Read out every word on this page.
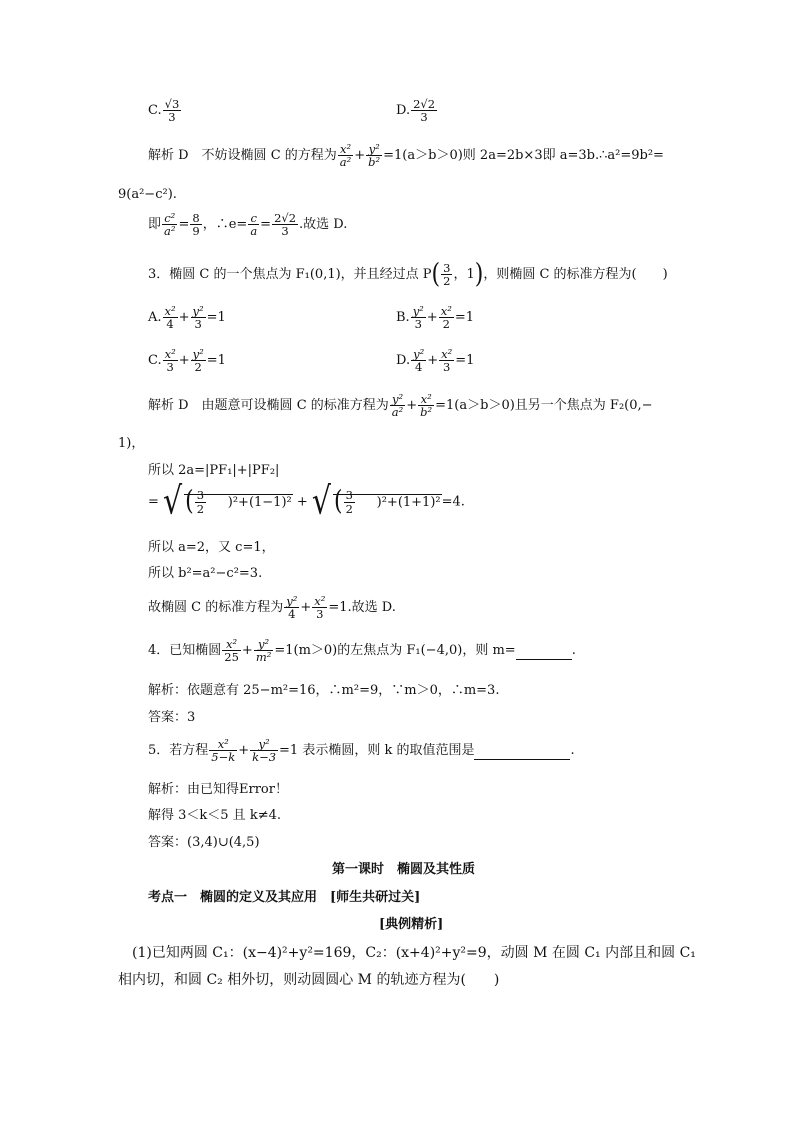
C. $\frac{√3}{3}$	D. $\frac{2√2}{3}$
解析 D　不妨设椭圆 C 的方程为 $\frac{\text{x²}}{\text{a²}} + \frac{\text{y²}}{\text{b²}} =1(a>b>0)$则 2a=2b×3即 a=3b.∴a²=9b²=
9(a²−c²).
即 $\frac{\text{c²}}{\text{a²}} = \frac{8}{9}$ ，∴e= $\frac{c}{a} = \frac{2√2}{3}$ .故选 D.
3．椭圆 C 的一个焦点为 F₁(0,1)，并且经过点 $P( \frac{3}{2}$ ，1)，则椭圆 C 的标准方程为(　　)
A. $\frac{\text{x²}}{4} + \frac{\text{y²}}{3} =1$	B. $\frac{\text{y²}}{3} + \frac{\text{x²}}{2} =1$
C. $\frac{\text{x²}}{3} + \frac{\text{y²}}{2} =1$	D. $\frac{\text{y²}}{4} + \frac{\text{x²}}{3} =1$
解析 D　由题意可设椭圆 C 的标准方程为 $\frac{\text{y²}}{\text{a²}} + \frac{\text{x²}}{\text{b²}} =1(a>b>0)$且另一个焦点为 F₂(0,−
1)，
所以 2a=|PF₁|+|PF₂|
= √ ( $\frac{3}{2} )^2+(1-1)^2$ + √ ( $\frac{3}{2} )^2+(1+1)^2=4$.
所以 a=2，又 c=1，
所以 b²=a²−c²=3.
故椭圆 C 的标准方程为 $\frac{\text{y²}}{4} + \frac{\text{x²}}{3} =1$.故选 D.
4．已知椭圆 $\frac{\text{x²}}{25} + \frac{\text{y²}}{\text{m²}} =1(m>0)$的左焦点为 F₁(−4,0)，则 m=	.
解析：依题意有 25−m²=16，∴m²=9，∵m＞0，∴m=3.
答案：3
5．若方程 $\frac{\text{x²}}{5-k} + \frac{\text{y²}}{k-3} =1$ 表示椭圆，则 k 的取值范围是	.
解析：由已知得Error！
解得 3＜k＜5 且 k≠4.
答案：(3,4)∪(4,5)
第一课时　椭圆及其性质
考点一　椭圆的定义及其应用　[师生共研过关]
[典例精析]
(1)已知两圆 C₁：(x−4)²+y²=169，C₂：(x+4)²+y²=9，动圆 M 在圆 C₁ 内部且和圆 C₁
相内切，和圆 C₂ 相外切，则动圆圆心 M 的轨迹方程为(　　)
